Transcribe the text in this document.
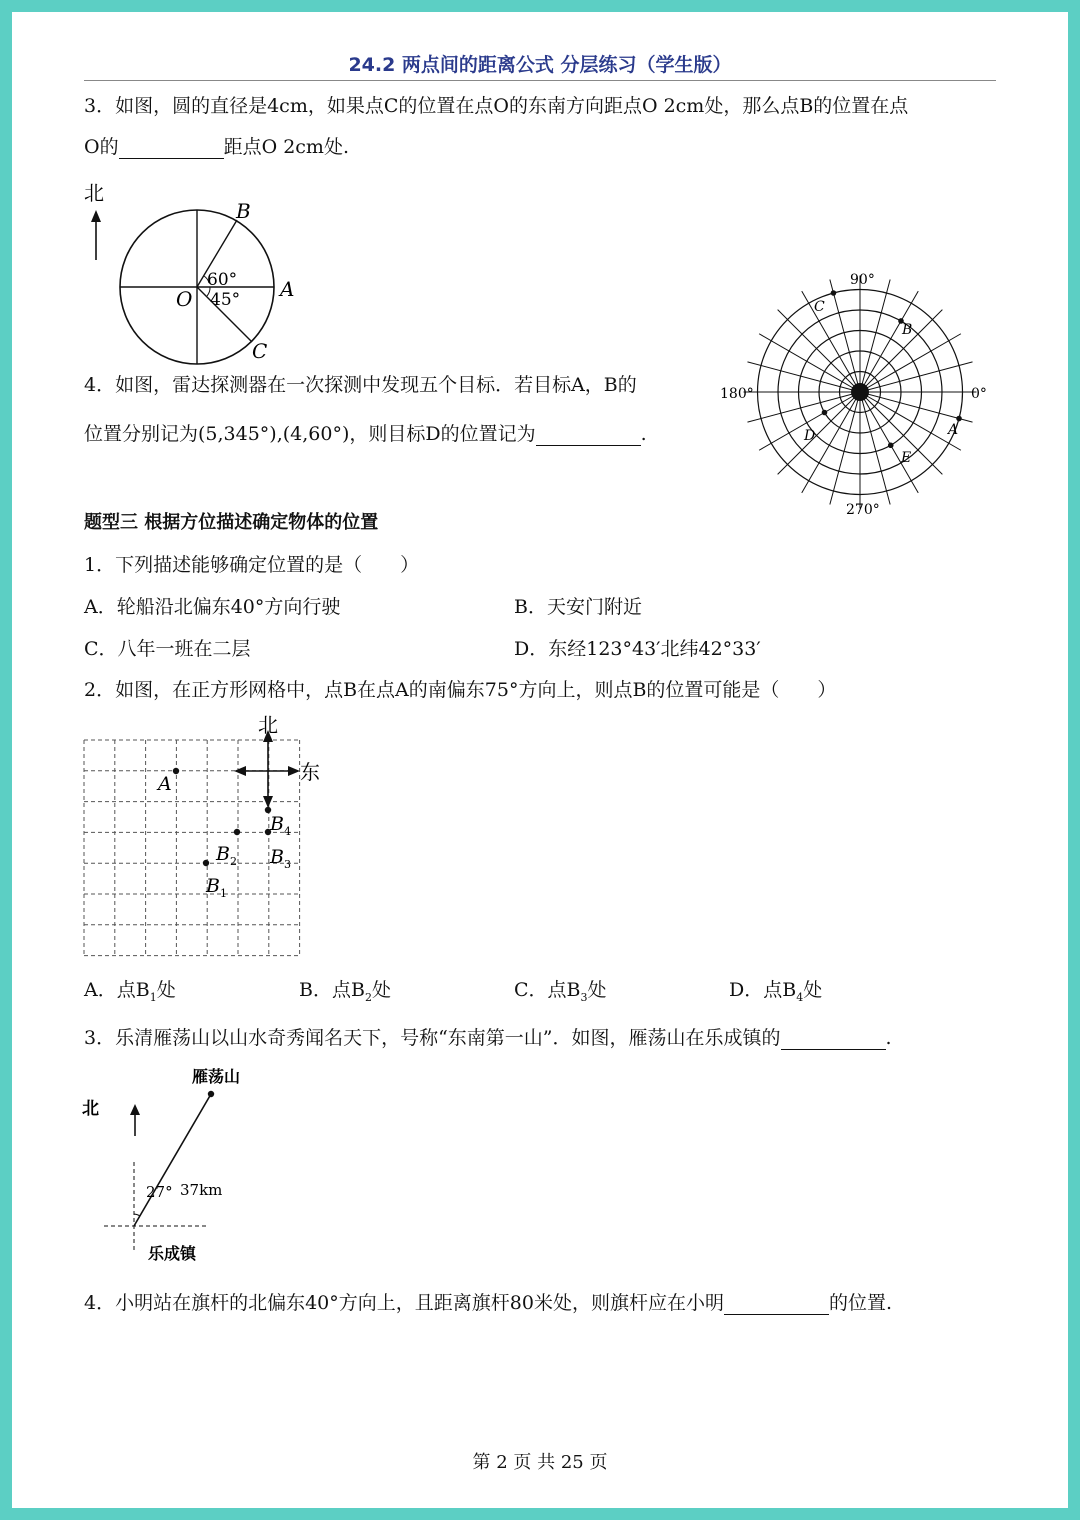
24.2 两点间的距离公式 分层练习（学生版）
3．如图，圆的直径是4cm，如果点C的位置在点O的东南方向距点O 2cm处，那么点B的位置在点
O的	距点O 2cm处.
北
60°
45°
O
B
A
C
4．如图，雷达探测器在一次探测中发现五个目标．若目标A，B的
位置分别记为(5,345°),(4,60°)，则目标D的位置记为	.
90°
180°	0°
270°
A
B
C
D
E
题型三 根据方位描述确定物体的位置
1．下列描述能够确定位置的是（　　）
A．轮船沿北偏东40°方向行驶	B．天安门附近
C．八年一班在二层	D．东经123°43′北纬42°33′
2．如图，在正方形网格中，点B在点A的南偏东75°方向上，则点B的位置可能是（　　）
北
东
A
$B_4$
$B_3$
$B_2$
$B_1$
A．点$B_1$处	B．点$B_2$处	C．点$B_3$处	D．点$B_4$处
3．乐清雁荡山以山水奇秀闻名天下，号称“东南第一山”．如图，雁荡山在乐成镇的	.
北
雁荡山
乐成镇
27° 37km
4．小明站在旗杆的北偏东40°方向上，且距离旗杆80米处，则旗杆应在小明	的位置.
第 2 页 共 25 页
